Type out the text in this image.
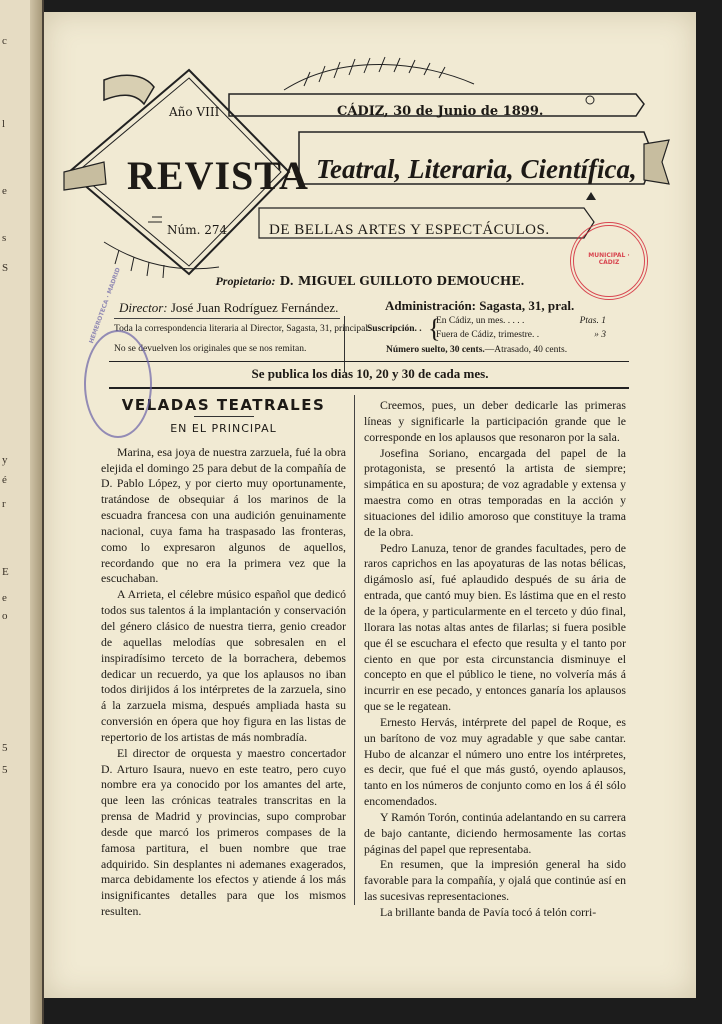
c
l
e
s
S
y
é
r
E
e
o
5
5
Año VIII	CÁDIZ, 30 de Junio de 1899.
REVISTA Teatral, Literaria, Científica,
Núm. 274	DE BELLAS ARTES Y ESPECTÁCULOS.
Propietario: D. MIGUEL GUILLOTO DEMOUCHE.
Director: José Juan Rodríguez Fernández.	Administración: Sagasta, 31, pral.
Toda la correspondencia literaria al Director, Sagasta, 31, principal.
No se devuelven los originales que se nos remitan.
Suscripción. . {
En Cádiz, un mes. . . . .	Ptas. 1
Fuera de Cádiz, trimestre. .	» 3
Número suelto, 30 cents.—Atrasado, 40 cents.
Se publica los dias 10, 20 y 30 de cada mes.

VELADAS TEATRALES

EN EL PRINCIPAL

Marina, esa joya de nuestra zarzuela, fué la obra elejida el domingo 25 para debut de la compañía de D. Pablo López, y por cierto muy oportunamente, tratándose de obsequiar á los marinos de la escuadra francesa con una audición genuinamente nacional, cuya fama ha traspasado las fronteras, como lo expresaron algunos de aquellos, recordando que no era la primera vez que la escuchaban.

A Arrieta, el célebre músico español que dedicó todos sus talentos á la implantación y conservación del género clásico de nuestra tierra, genio creador de aquellas melodías que sobresalen en el inspiradísimo terceto de la borrachera, debemos dedicar un recuerdo, ya que los aplausos no iban todos dirijidos á los intérpretes de la zarzuela, sino á la zarzuela misma, después ampliada hasta su conversión en ópera que hoy figura en las listas de repertorio de los artistas de más nombradía.

El director de orquesta y maestro concertador D. Arturo Isaura, nuevo en este teatro, pero cuyo nombre era ya conocido por los amantes del arte, que leen las crónicas teatrales transcritas en la prensa de Madrid y provincias, supo comprobar desde que marcó los primeros compases de la famosa partitura, el buen nombre que trae adquirido. Sin desplantes ni ademanes exagerados, marca debidamente los efectos y atiende á los más insignificantes detalles para que los mismos resulten.

Creemos, pues, un deber dedicarle las primeras líneas y significarle la participación grande que le corresponde en los aplausos que resonaron por la sala.

Josefina Soriano, encargada del papel de la protagonista, se presentó la artista de siempre; simpática en su apostura; de voz agradable y extensa y maestra como en otras temporadas en la acción y situaciones del idilio amoroso que constituye la trama de la obra.

Pedro Lanuza, tenor de grandes facultades, pero de raros caprichos en las apoyaturas de las notas bélicas, digámoslo así, fué aplaudido después de su ária de entrada, que cantó muy bien. Es lástima que en el resto de la ópera, y particularmente en el terceto y dúo final, llorara las notas altas antes de filarlas; si fuera posible que él se escuchara el efecto que resulta y el tanto por ciento en que por esta circunstancia disminuye el concepto en que el público le tiene, no volvería más á incurrir en ese pecado, y entonces ganaría los aplausos que se le regatean.

Ernesto Hervás, intérprete del papel de Roque, es un barítono de voz muy agradable y que sabe cantar. Hubo de alcanzar el número uno entre los intérpretes, es decir, que fué el que más gustó, oyendo aplausos, tanto en los números de conjunto como en los á él sólo encomendados.

Y Ramón Torón, continúa adelantando en su carrera de bajo cantante, diciendo hermosamente las cortas páginas del papel que representaba.

En resumen, que la impresión general ha sido favorable para la compañía, y ojalá que continúe así en las sucesivas representaciones.

La brillante banda de Pavía tocó á telón corri-

MUNICIPAL · CÁDIZ
HEMEROTECA · MADRID
